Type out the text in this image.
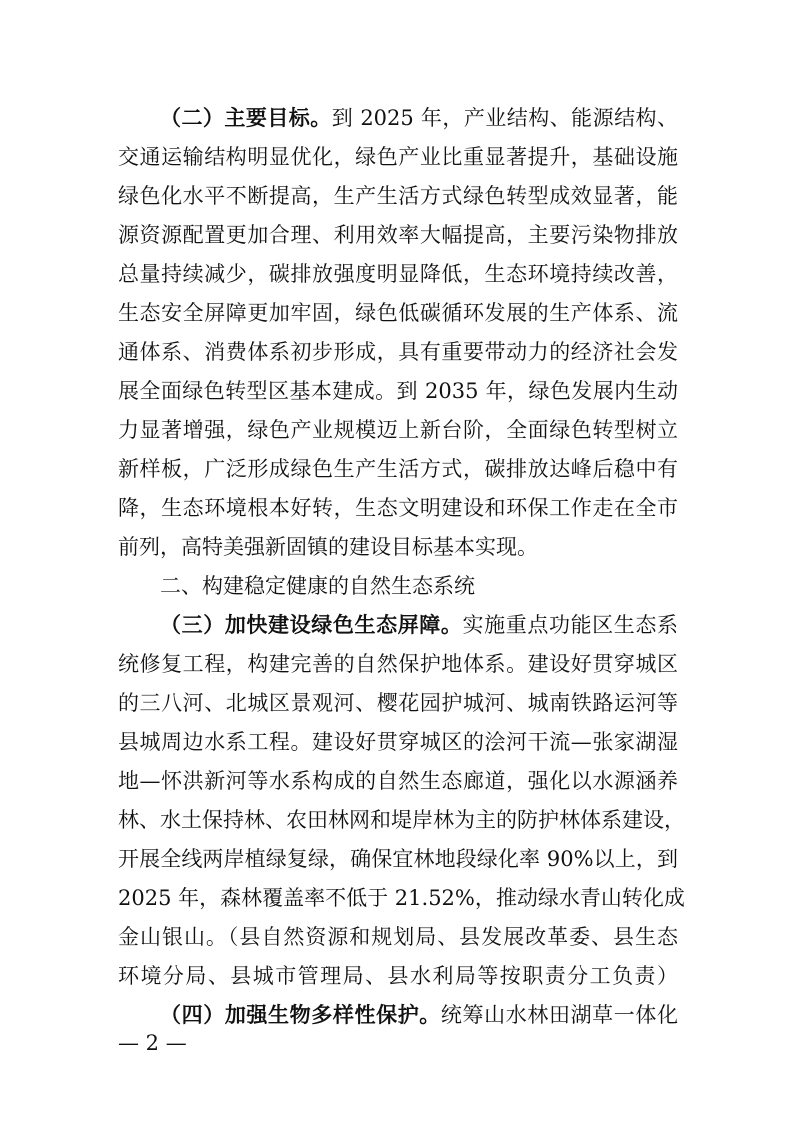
（二）主要目标。到 2025 年，产业结构、能源结构、
交通运输结构明显优化，绿色产业比重显著提升，基础设施
绿色化水平不断提高，生产生活方式绿色转型成效显著，能
源资源配置更加合理、利用效率大幅提高，主要污染物排放
总量持续减少，碳排放强度明显降低，生态环境持续改善，
生态安全屏障更加牢固，绿色低碳循环发展的生产体系、流
通体系、消费体系初步形成，具有重要带动力的经济社会发
展全面绿色转型区基本建成。到 2035 年，绿色发展内生动
力显著增强，绿色产业规模迈上新台阶，全面绿色转型树立
新样板，广泛形成绿色生产生活方式，碳排放达峰后稳中有
降，生态环境根本好转，生态文明建设和环保工作走在全市
前列，高特美强新固镇的建设目标基本实现。
二、构建稳定健康的自然生态系统
（三）加快建设绿色生态屏障。实施重点功能区生态系
统修复工程，构建完善的自然保护地体系。建设好贯穿城区
的三八河、北城区景观河、樱花园护城河、城南铁路运河等
县城周边水系工程。建设好贯穿城区的浍河干流—张家湖湿
地—怀洪新河等水系构成的自然生态廊道，强化以水源涵养
林、水土保持林、农田林网和堤岸林为主的防护林体系建设，
开展全线两岸植绿复绿，确保宜林地段绿化率 90%以上，到
2025 年，森林覆盖率不低于 21.52%，推动绿水青山转化成
金山银山。（县自然资源和规划局、县发展改革委、县生态
环境分局、县城市管理局、县水利局等按职责分工负责）
（四）加强生物多样性保护。统筹山水林田湖草一体化
— 2 —
